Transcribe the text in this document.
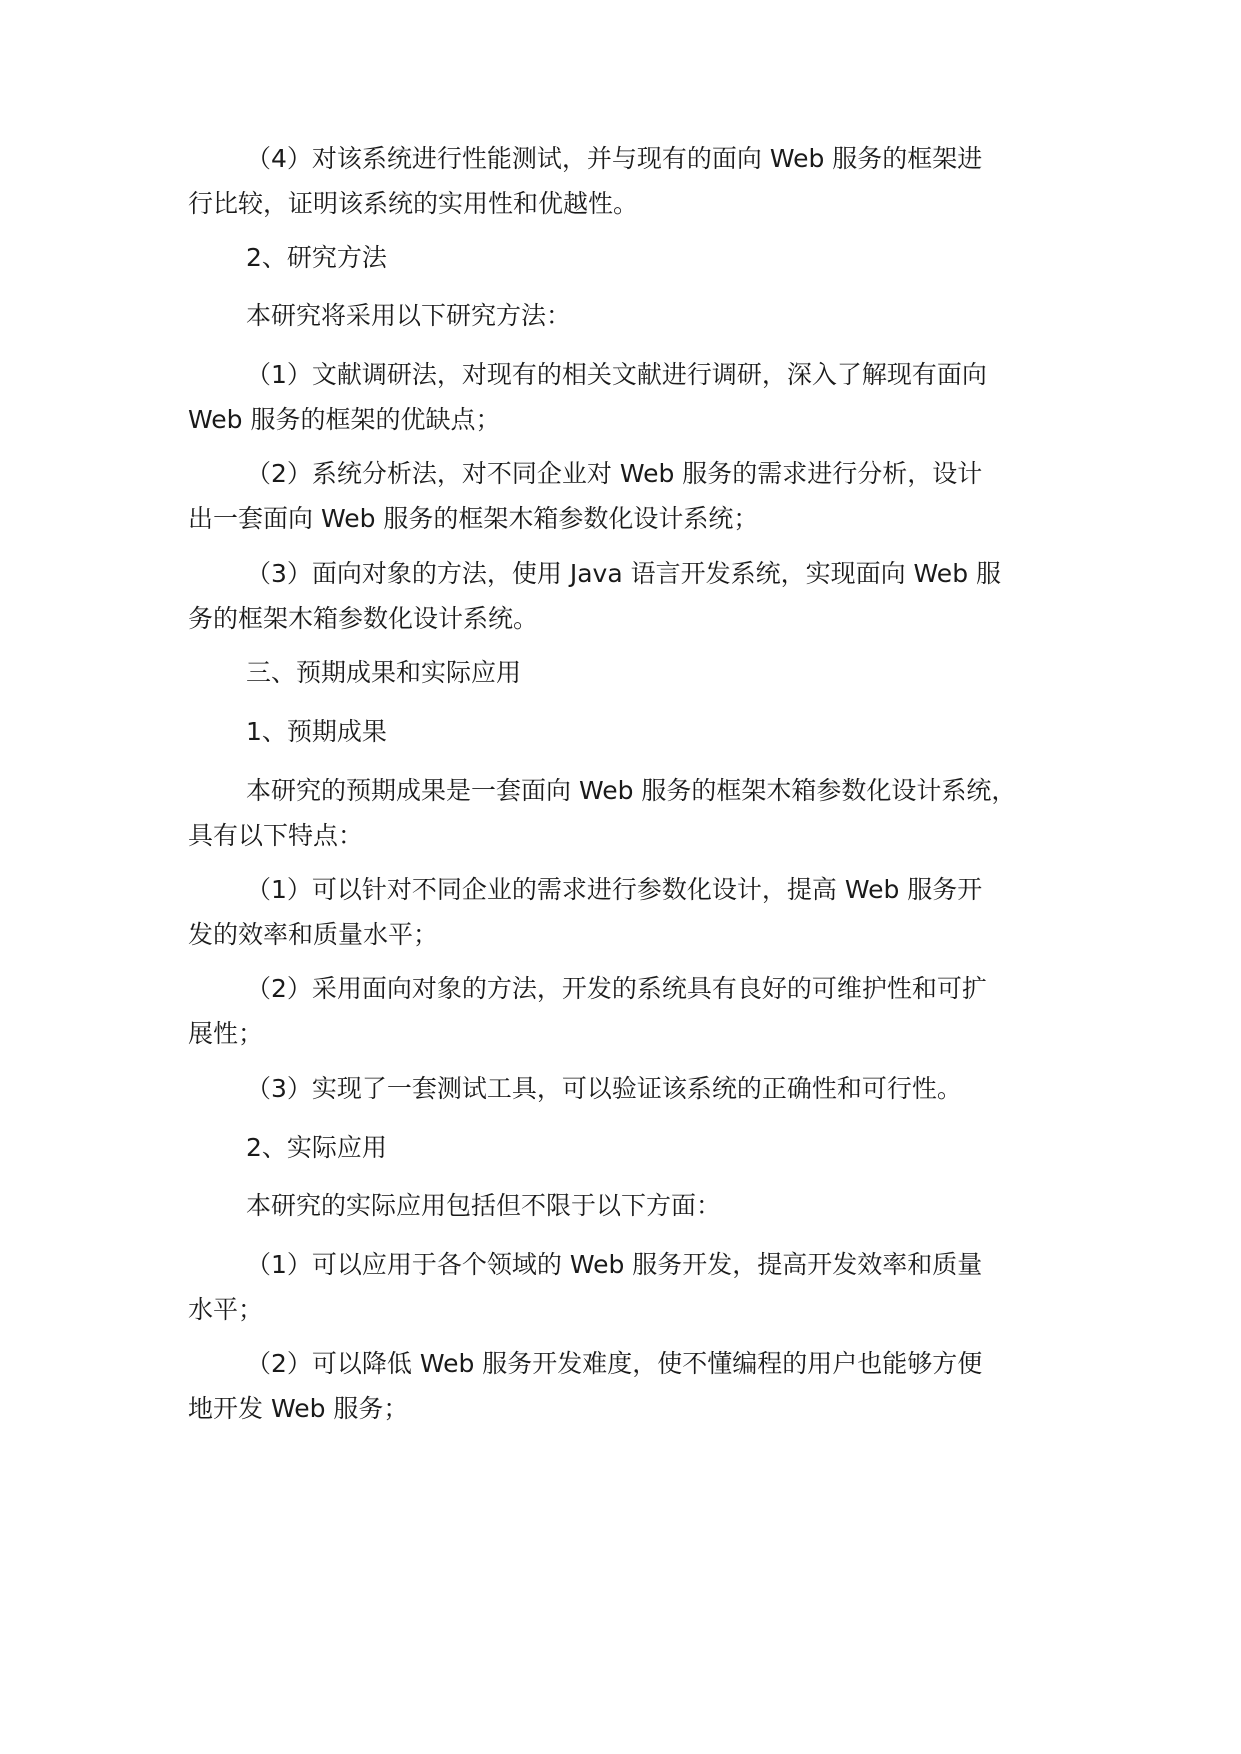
（4）对该系统进行性能测试，并与现有的面向 Web 服务的框架进
行比较，证明该系统的实用性和优越性。

2、研究方法

本研究将采用以下研究方法：

（1）文献调研法，对现有的相关文献进行调研，深入了解现有面向
Web 服务的框架的优缺点；

（2）系统分析法，对不同企业对 Web 服务的需求进行分析，设计
出一套面向 Web 服务的框架木箱参数化设计系统；

（3）面向对象的方法，使用 Java 语言开发系统，实现面向 Web 服
务的框架木箱参数化设计系统。

三、预期成果和实际应用

1、预期成果

本研究的预期成果是一套面向 Web 服务的框架木箱参数化设计系统，
具有以下特点：

（1）可以针对不同企业的需求进行参数化设计，提高 Web 服务开
发的效率和质量水平；

（2）采用面向对象的方法，开发的系统具有良好的可维护性和可扩
展性；

（3）实现了一套测试工具，可以验证该系统的正确性和可行性。

2、实际应用

本研究的实际应用包括但不限于以下方面：

（1）可以应用于各个领域的 Web 服务开发，提高开发效率和质量
水平；

（2）可以降低 Web 服务开发难度，使不懂编程的用户也能够方便
地开发 Web 服务；
